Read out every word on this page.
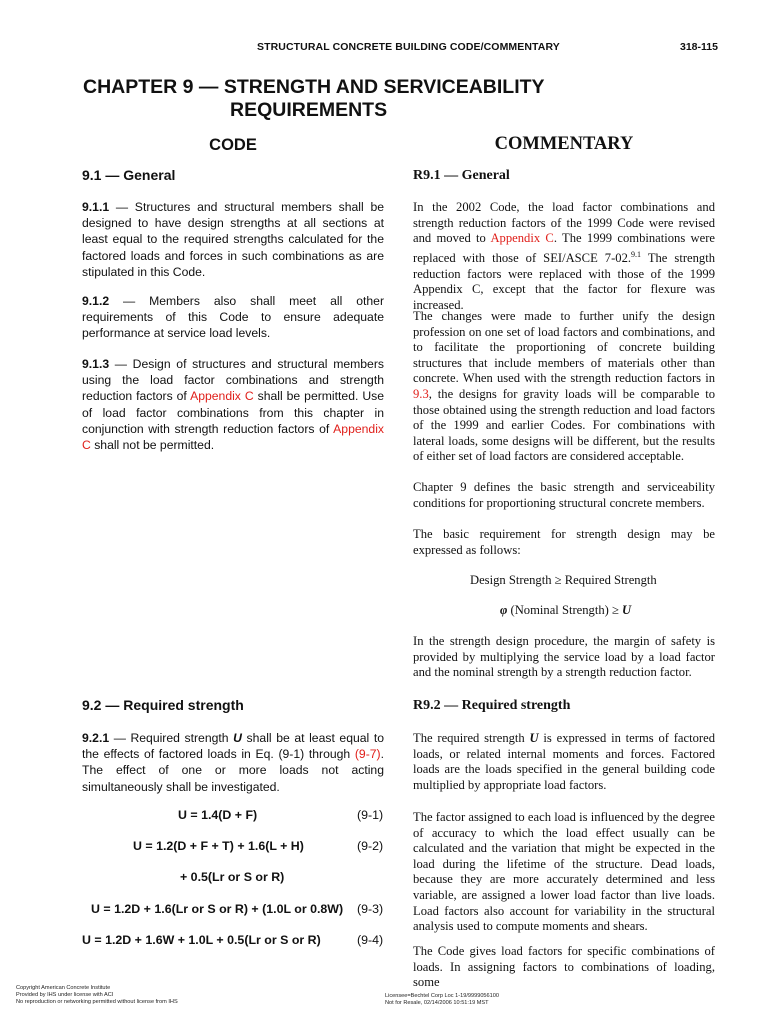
STRUCTURAL CONCRETE BUILDING CODE/COMMENTARY	318-115
CHAPTER 9 — STRENGTH AND SERVICEABILITY
REQUIREMENTS
CODE	COMMENTARY
9.1 — General

9.1.1 — Structures and structural members shall be designed to have design strengths at all sections at least equal to the required strengths calculated for the factored loads and forces in such combinations as are stipulated in this Code.

9.1.2 — Members also shall meet all other requirements of this Code to ensure adequate performance at service load levels.

9.1.3 — Design of structures and structural members using the load factor combinations and strength reduction factors of Appendix C shall be permitted. Use of load factor combinations from this chapter in conjunction with strength reduction factors of Appendix C shall not be permitted.

9.2 — Required strength

9.2.1 — Required strength U shall be at least equal to the effects of factored loads in Eq. (9-1) through (9-7). The effect of one or more loads not acting simultaneously shall be investigated.

U = 1.4(D + F)	(9-1)
U = 1.2(D + F + T) + 1.6(L + H)	(9-2)
+ 0.5(Lr or S or R)
U = 1.2D + 1.6(Lr or S or R) + (1.0L or 0.8W) (9-3)
U = 1.2D + 1.6W + 1.0L + 0.5(Lr or S or R)	(9-4)
R9.1 — General

In the 2002 Code, the load factor combinations and strength reduction factors of the 1999 Code were revised and moved to Appendix C. The 1999 combinations were replaced with those of SEI/ASCE 7-02.$^{9.1}$ The strength reduction factors were replaced with those of the 1999 Appendix C, except that the factor for flexure was increased.

The changes were made to further unify the design profession on one set of load factors and combinations, and to facilitate the proportioning of concrete building structures that include members of materials other than concrete. When used with the strength reduction factors in 9.3, the designs for gravity loads will be comparable to those obtained using the strength reduction and load factors of the 1999 and earlier Codes. For combinations with lateral loads, some designs will be different, but the results of either set of load factors are considered acceptable.

Chapter 9 defines the basic strength and serviceability conditions for proportioning structural concrete members.

The basic requirement for strength design may be expressed as follows:

Design Strength ≥ Required Strength
φ (Nominal Strength) ≥ U

In the strength design procedure, the margin of safety is provided by multiplying the service load by a load factor and the nominal strength by a strength reduction factor.

R9.2 — Required strength

The required strength U is expressed in terms of factored loads, or related internal moments and forces. Factored loads are the loads specified in the general building code multiplied by appropriate load factors.

The factor assigned to each load is influenced by the degree of accuracy to which the load effect usually can be calculated and the variation that might be expected in the load during the lifetime of the structure. Dead loads, because they are more accurately determined and less variable, are assigned a lower load factor than live loads. Load factors also account for variability in the structural analysis used to compute moments and shears.

The Code gives load factors for specific combinations of loads. In assigning factors to combinations of loading, some

Copyright American Concrete Institute
Provided by IHS under license with ACI
No reproduction or networking permitted without license from IHS
Licensee=Bechtel Corp Loc 1-19/9999056100
Not for Resale, 02/14/2006 10:51:19 MST
